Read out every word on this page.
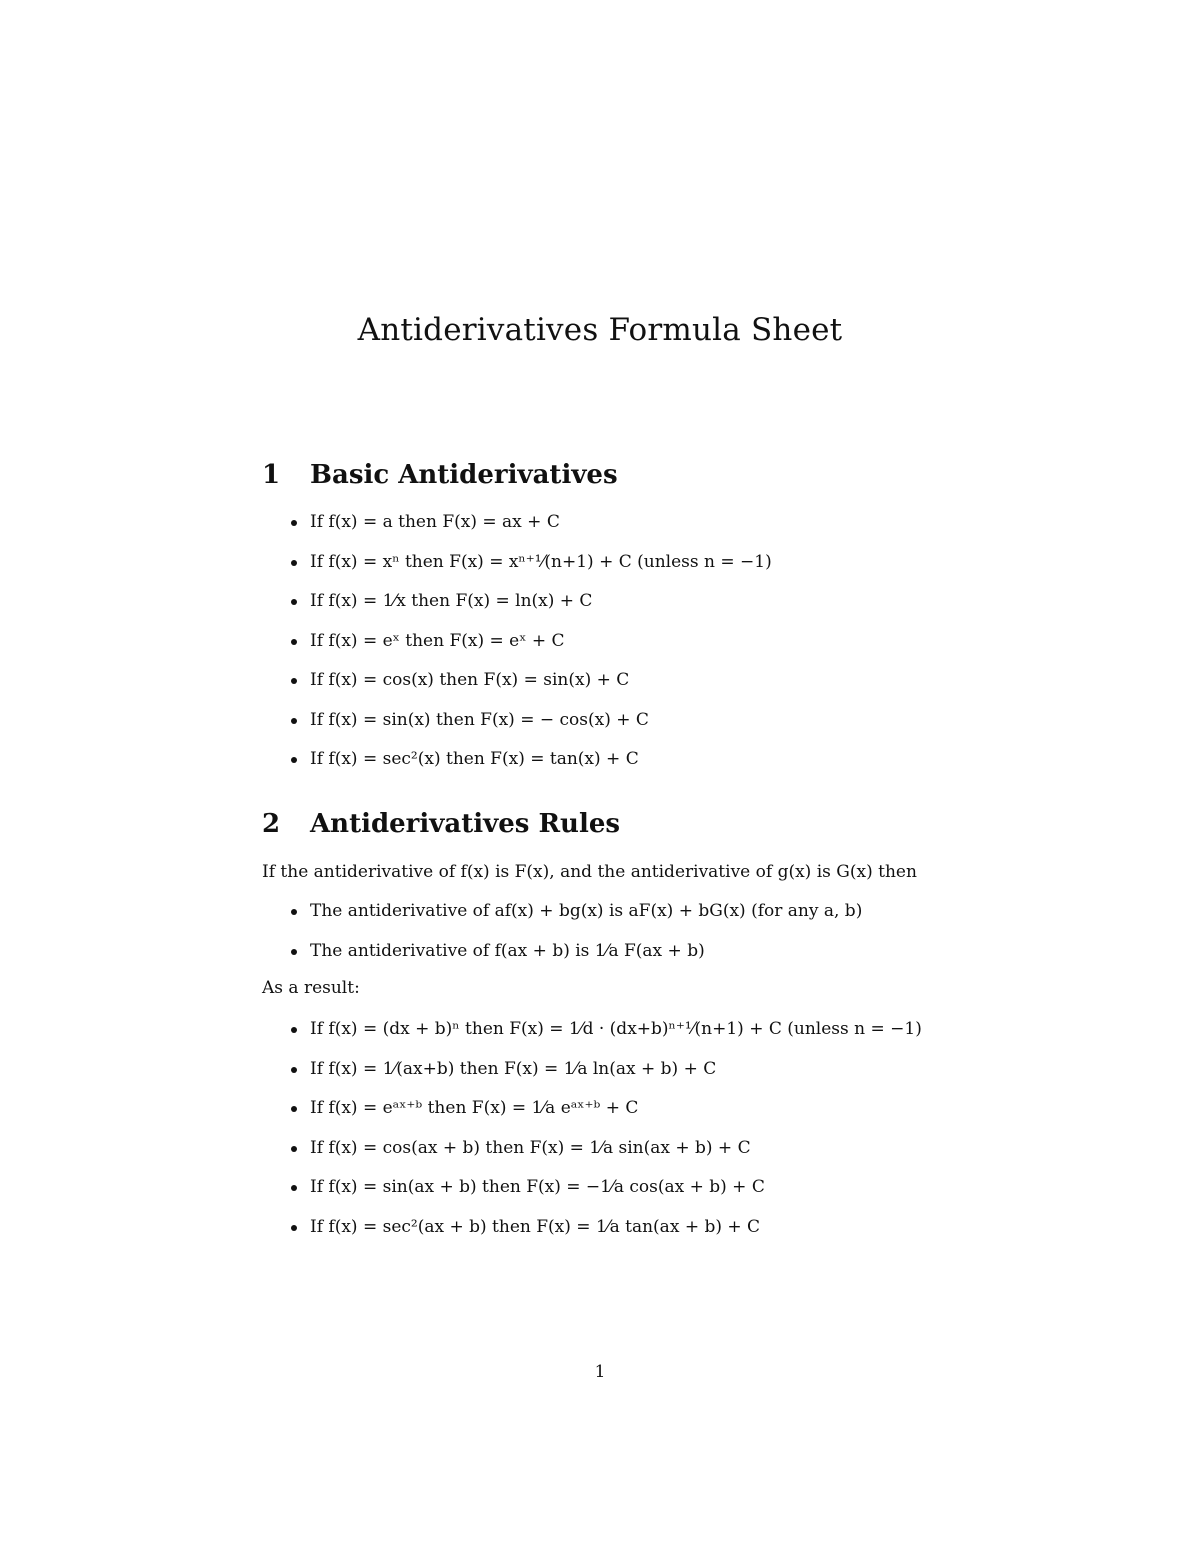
Antiderivatives Formula Sheet
1 Basic Antiderivatives
If f(x) = a then F(x) = ax + C
If f(x) = xⁿ then F(x) = xⁿ⁺¹⁄(n+1) + C (unless n = −1)
If f(x) = 1⁄x then F(x) = ln(x) + C
If f(x) = eˣ then F(x) = eˣ + C
If f(x) = cos(x) then F(x) = sin(x) + C
If f(x) = sin(x) then F(x) = − cos(x) + C
If f(x) = sec²(x) then F(x) = tan(x) + C
2 Antiderivatives Rules

If the antiderivative of f(x) is F(x), and the antiderivative of g(x) is G(x) then

The antiderivative of af(x) + bg(x) is aF(x) + bG(x) (for any a, b)
The antiderivative of f(ax + b) is 1⁄a F(ax + b)

As a result:

If f(x) = (dx + b)ⁿ then F(x) = 1⁄d · (dx+b)ⁿ⁺¹⁄(n+1) + C (unless n = −1)
If f(x) = 1⁄(ax+b) then F(x) = 1⁄a ln(ax + b) + C
If f(x) = eᵃˣ⁺ᵇ then F(x) = 1⁄a eᵃˣ⁺ᵇ + C
If f(x) = cos(ax + b) then F(x) = 1⁄a sin(ax + b) + C
If f(x) = sin(ax + b) then F(x) = −1⁄a cos(ax + b) + C
If f(x) = sec²(ax + b) then F(x) = 1⁄a tan(ax + b) + C
1
